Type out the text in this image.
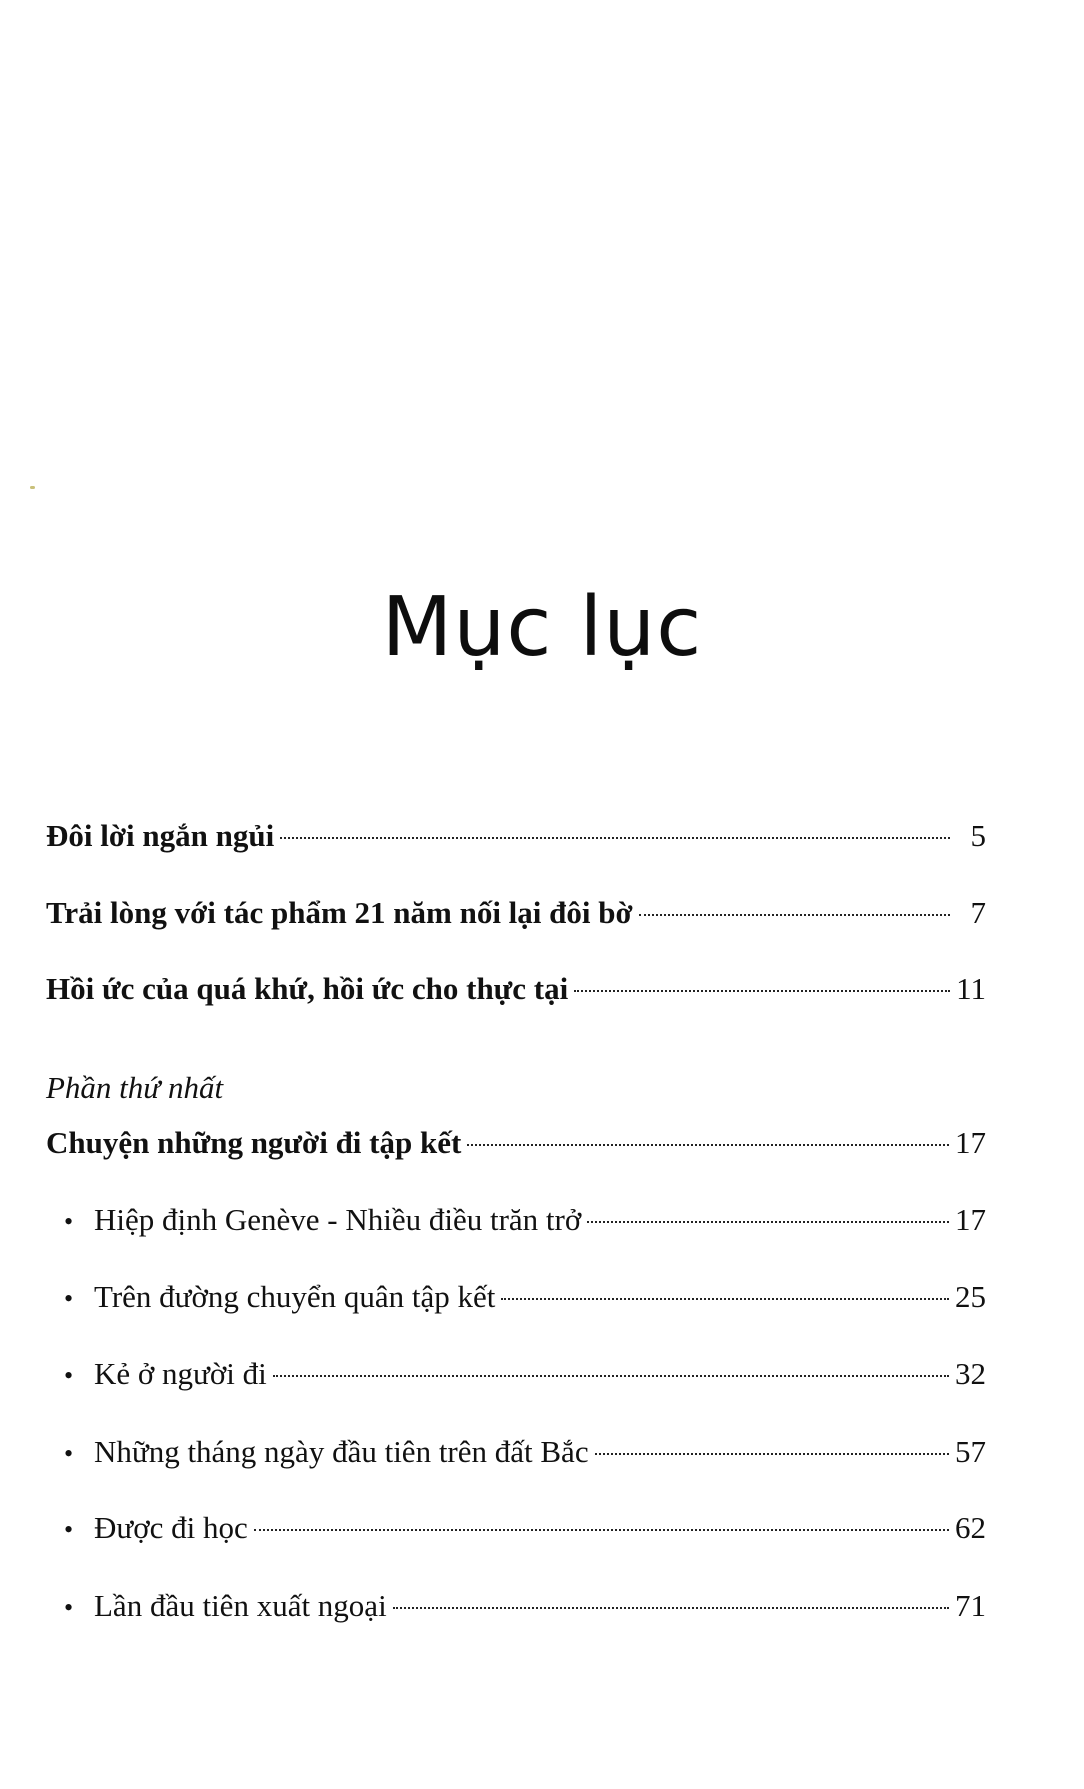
Mục lục
Đôi lời ngắn ngủi	5
Trải lòng với tác phẩm 21 năm nối lại đôi bờ	7
Hồi ức của quá khứ, hồi ức cho thực tại	11
Phần thứ nhất
Chuyện những người đi tập kết	17
• Hiệp định Genève - Nhiều điều trăn trở	17
• Trên đường chuyển quân tập kết	25
• Kẻ ở người đi	32
• Những tháng ngày đầu tiên trên đất Bắc	57
• Được đi học	62
• Lần đầu tiên xuất ngoại	71
